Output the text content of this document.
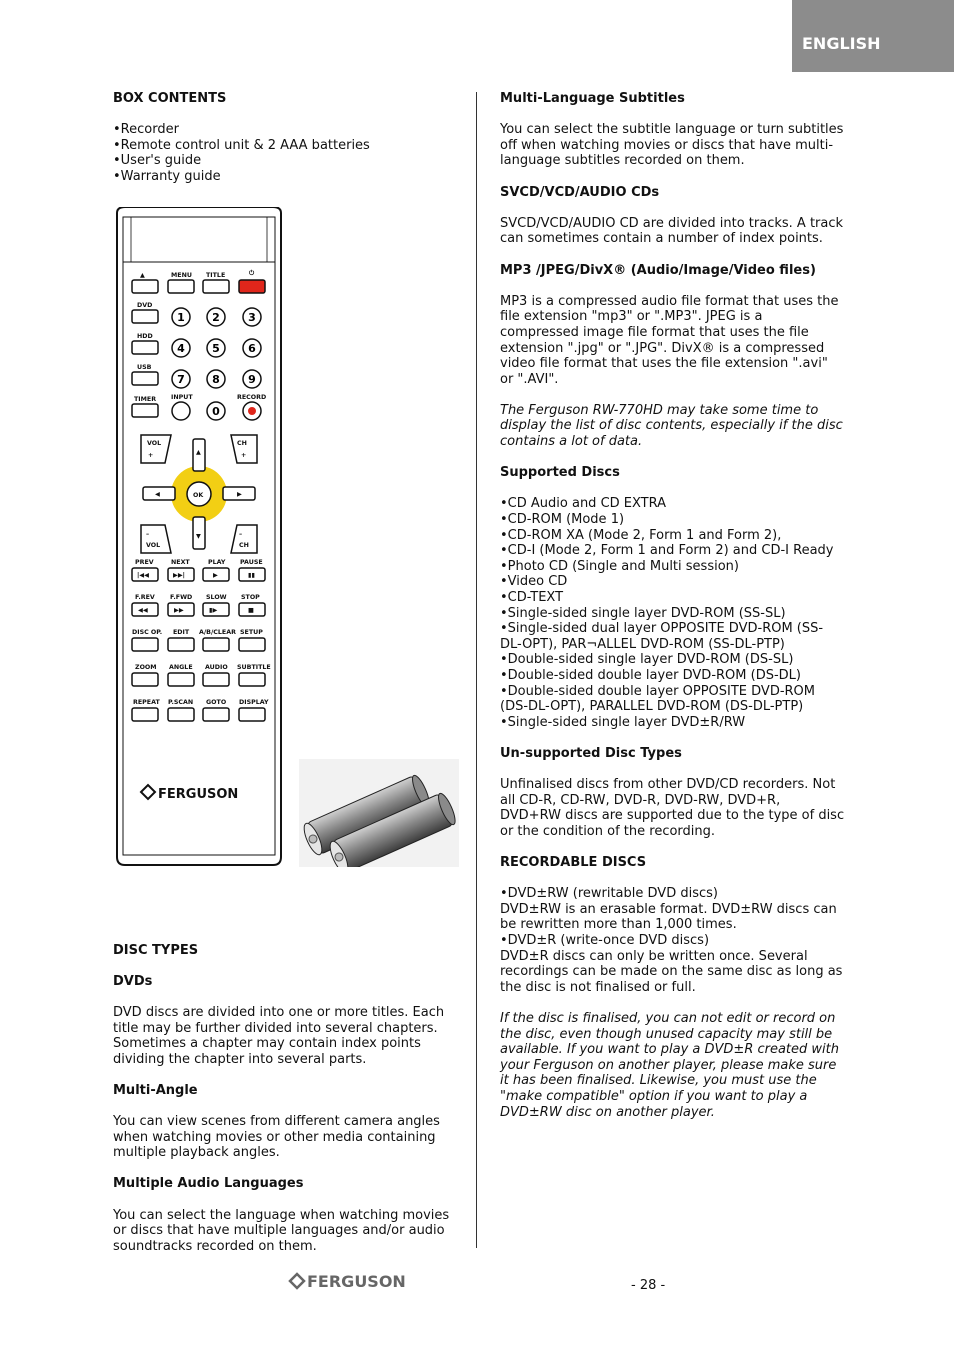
ENGLISH
BOX CONTENTS
• Recorder
• Remote control unit & 2 AAA batteries
• User's guide
• Warranty guide
▲	MENU TITLE	⏻
DVD
HDD
USB
TIMER
1 2	3
4 5	6
7 8	9
0
INPUT	RECORD
VOL
+
CH
+
–
VOL
–
CH
▲
▼
◀	▶
OK
PREV	NEXT	PLAY PAUSE
|◀◀	▶▶|	▶	▮▮
F.REV F.FWD SLOW STOP
◀◀	▶▶	▮▶	■
DISC OP. EDIT A/B/CLEAR SETUP
ZOOM ANGLE AUDIO SUBTITLE
REPEAT P.SCAN GOTO DISPLAY
FERGUSON
DISC TYPES
DVDs

DVD discs are divided into one or more titles. Each title may be further divided into several chapters. Sometimes a chapter may contain index points dividing the chapter into several parts.

Multi-Angle

You can view scenes from different camera angles when watching movies or other media containing multiple playback angles.

Multiple Audio Languages

You can select the language when watching movies or discs that have multiple languages and/or audio soundtracks recorded on them.

Multi-Language Subtitles

You can select the subtitle language or turn subtitles off when watching movies or discs that have multi-language subtitles recorded on them.

SVCD/VCD/AUDIO CDs

SVCD/VCD/AUDIO CD are divided into tracks. A track can sometimes contain a number of index points.

MP3 /JPEG/DivX® (Audio/Image/Video files)

MP3 is a compressed audio file format that uses the file extension "mp3" or ".MP3". JPEG is a compressed image file format that uses the file extension ".jpg" or ".JPG". DivX® is a compressed video file format that uses the file extension ".avi" or ".AVI".

The Ferguson RW-770HD may take some time to display the list of disc contents, especially if the disc contains a lot of data.

Supported Discs
• CD Audio and CD EXTRA
• CD-ROM (Mode 1)
• CD-ROM XA (Mode 2, Form 1 and Form 2),
• CD-I (Mode 2, Form 1 and Form 2) and CD-I Ready
• Photo CD (Single and Multi session)
• Video CD
• CD-TEXT
• Single-sided single layer DVD-ROM (SS-SL)
• Single-sided dual layer OPPOSITE DVD-ROM (SS-DL-OPT), PAR¬ALLEL DVD-ROM (SS-DL-PTP)
• Double-sided single layer DVD-ROM (DS-SL)
• Double-sided double layer DVD-ROM (DS-DL)
• Double-sided double layer OPPOSITE DVD-ROM (DS-DL-OPT), PARALLEL DVD-ROM (DS-DL-PTP)
• Single-sided single layer DVD±R/RW
Un-supported Disc Types

Unfinalised discs from other DVD/CD recorders. Not all CD-R, CD-RW, DVD-R, DVD-RW, DVD+R, DVD+RW discs are supported due to the type of disc or the condition of the recording.

RECORDABLE DISCS
• DVD±RW (rewritable DVD discs)

DVD±RW is an erasable format. DVD±RW discs can be rewritten more than 1,000 times.

• DVD±R (write-once DVD discs)

DVD±R discs can only be written once. Several recordings can be made on the same disc as long as the disc is not finalised or full.

If the disc is finalised, you can not edit or record on the disc, even though unused capacity may still be available. If you want to play a DVD±R created with your Ferguson on another player, please make sure it has been finalised. Likewise, you must use the "make compatible" option if you want to play a DVD±RW disc on another player.

FERGUSON	- 28 -
